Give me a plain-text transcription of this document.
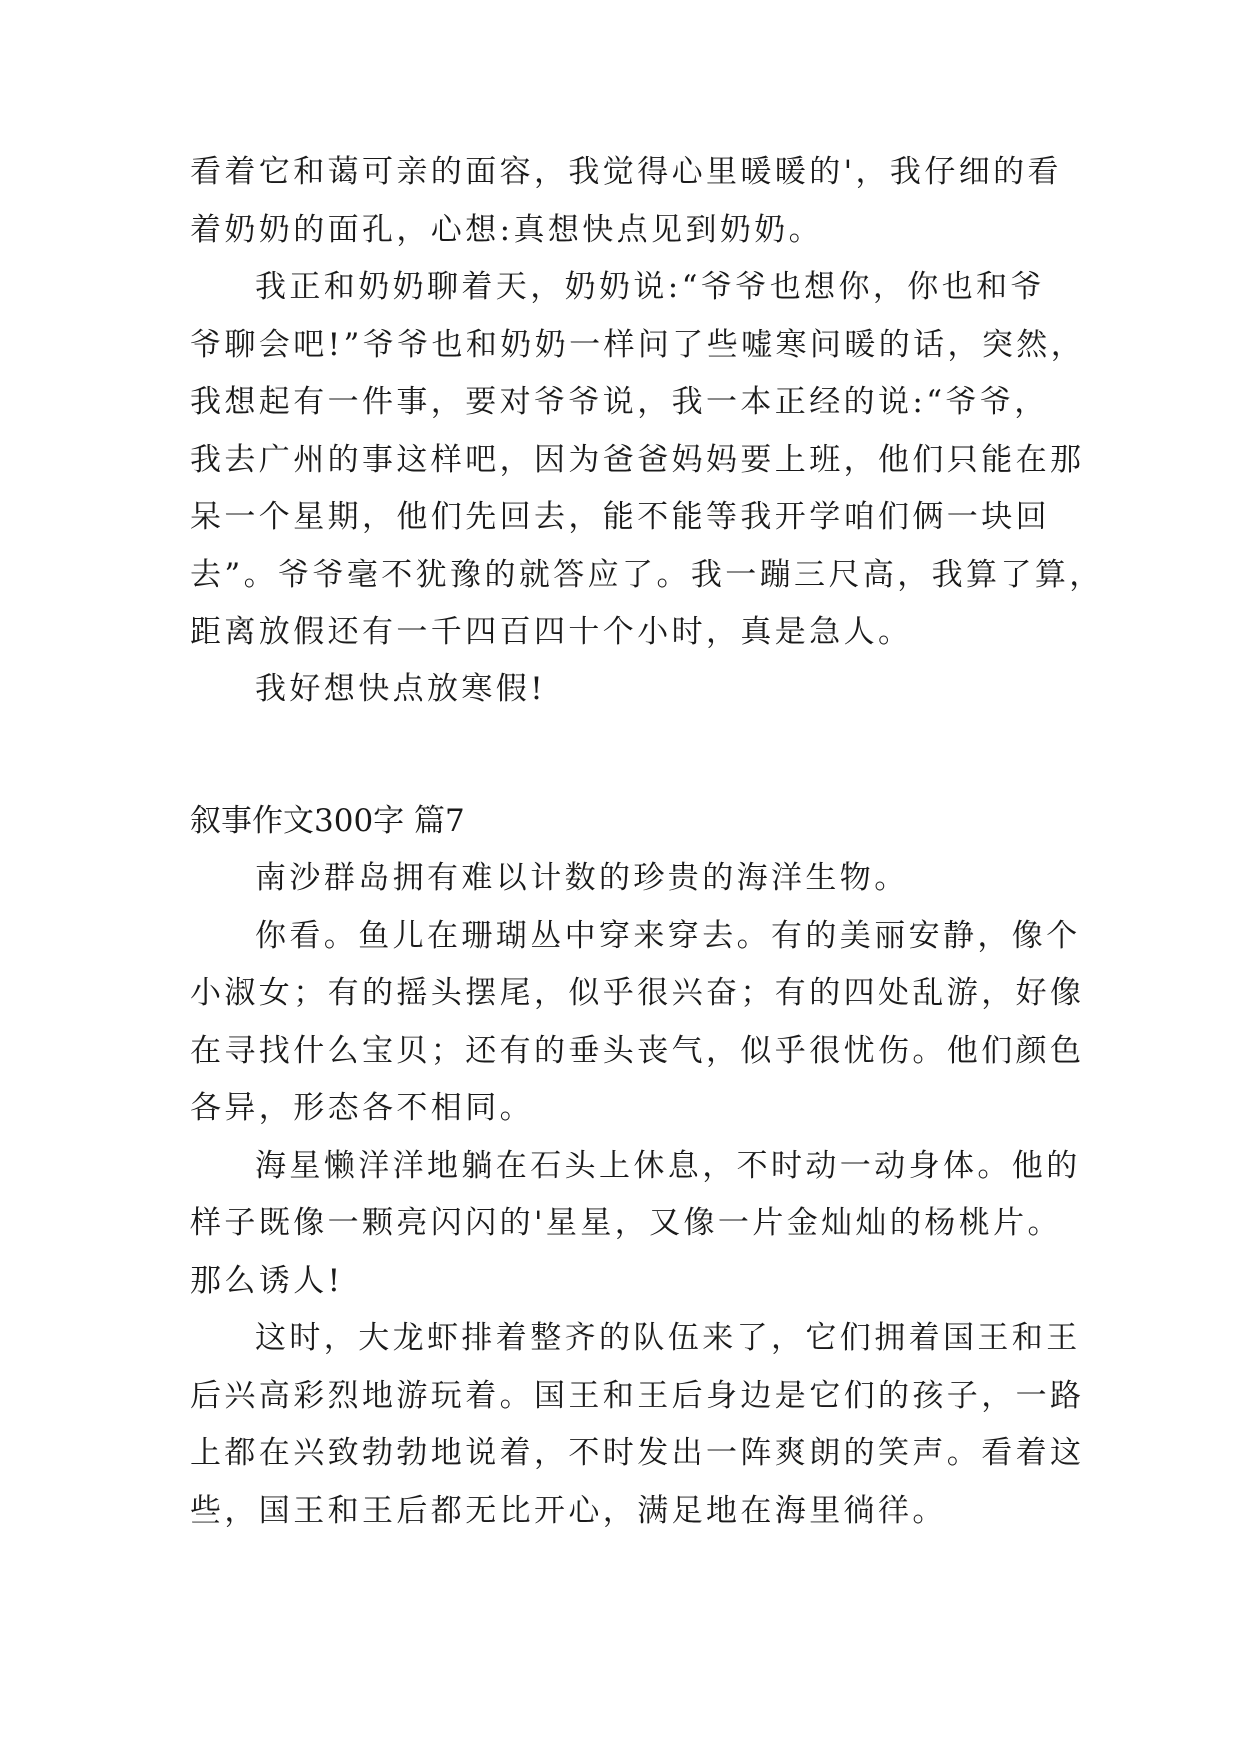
看着它和蔼可亲的面容，我觉得心里暖暖的'，我仔细的看
着奶奶的面孔，心想:真想快点见到奶奶。
我正和奶奶聊着天，奶奶说:“爷爷也想你，你也和爷
爷聊会吧!”爷爷也和奶奶一样问了些嘘寒问暖的话，突然，
我想起有一件事，要对爷爷说，我一本正经的说:“爷爷，
我去广州的事这样吧，因为爸爸妈妈要上班，他们只能在那
呆一个星期，他们先回去，能不能等我开学咱们俩一块回
去”。爷爷毫不犹豫的就答应了。我一蹦三尺高，我算了算，
距离放假还有一千四百四十个小时，真是急人。
我好想快点放寒假!
叙事作文300字 篇7
南沙群岛拥有难以计数的珍贵的海洋生物。
你看。鱼儿在珊瑚丛中穿来穿去。有的美丽安静，像个
小淑女；有的摇头摆尾，似乎很兴奋；有的四处乱游，好像
在寻找什么宝贝；还有的垂头丧气，似乎很忧伤。他们颜色
各异，形态各不相同。
海星懒洋洋地躺在石头上休息，不时动一动身体。他的
样子既像一颗亮闪闪的'星星，又像一片金灿灿的杨桃片。
那么诱人!
这时，大龙虾排着整齐的队伍来了，它们拥着国王和王
后兴高彩烈地游玩着。国王和王后身边是它们的孩子，一路
上都在兴致勃勃地说着，不时发出一阵爽朗的笑声。看着这
些，国王和王后都无比开心，满足地在海里徜徉。
